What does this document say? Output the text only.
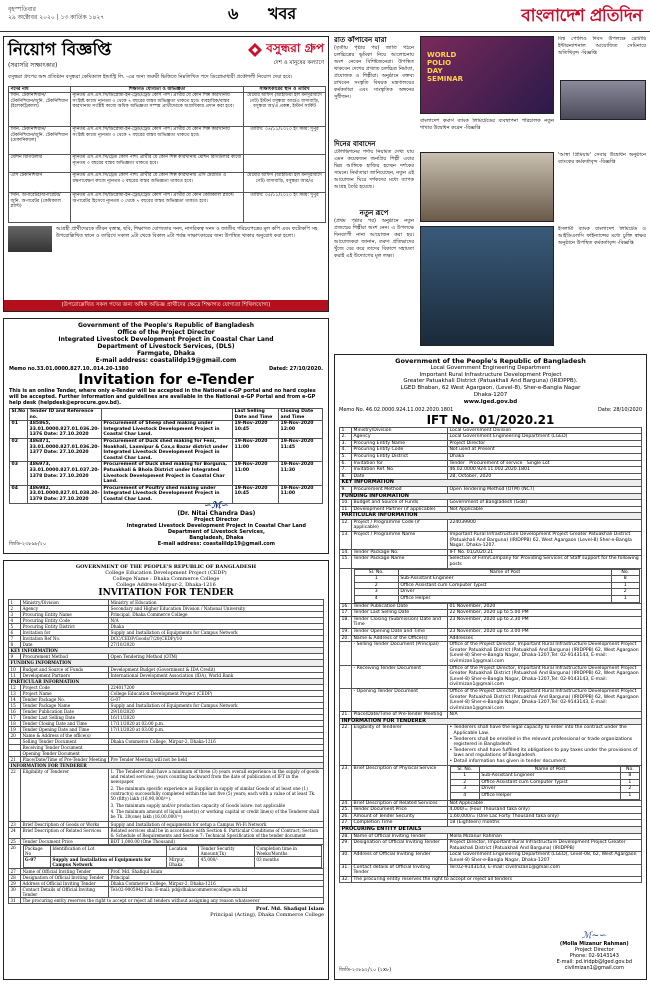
বৃহস্পতিবার
২৯ অক্টোবর ২০২০ | ১৩ কার্তিক ১৪২৭	৬ খবর	বাংলাদেশ প্রতিদিন
নিয়োগ বিজ্ঞপ্তি
(সরাসরি সাক্ষাৎকার)
বসুন্ধরা গ্রুপ
দেশ ও মানুষের কল্যাণে
বসুন্ধরা গ্রুপের অঙ্গ প্রতিষ্ঠান বসুন্ধরা কেমিক্যাল ইন্ডাস্ট্রি লি. -এর জন্য জরুরী ভিত্তিতে নিম্নলিখিত পদে ডিপ্লোমাধারী প্রকৌশলী নিয়োগ দেয়া হবে।
পদের নাম	শিক্ষাগত যোগ্যতা ও অভিজ্ঞতা	সাক্ষাৎকারের স্থান ও তারিখ
সিনি. টেকনিশিয়ান/টেকনিশিয়ান/জুনি. টেকনিশিয়ান (ইলেকট্রিক্যাল)	ন্যূনতম এস.এস.সি/ডিপ্লোমা-ইন-ট্রেড/ট্রেড কোর্স পাশ। প্রার্থীর যে কোন শিল্প কারখানায় সংশ্লিষ্ট কাজে ন্যূনতম ৩ থেকে ৭ বছরের বাস্তব অভিজ্ঞতা থাকতে হবে। ব্যবহারিক/বাস্তব কারখানায় সংশ্লিষ্ট কাজে অধিক অভিজ্ঞতা সম্পন্ন প্রার্থীদেরকে অগ্রাধিকার প্রদান করা হবে।	মেমোর অফিস (আইডিয়া হল মনসূরাবাদে গেট) ইস্টার্ন বসুন্ধরা আর/এ বাসাবাড়ি, বসুন্ধরা আ/এ প্রকল্প, ইস্টার্ন সার্কিট
সিনি. টেকনিশিয়ান/টেকনিশিয়ান/জুনি. টেকনিশিয়ান (মেকানিক্যাল)	ন্যূনতম এস.এস.সি/ডিপ্লোমা-ইন-ট্রেড/ট্রেড কোর্স পাশ। প্রার্থীর যে কোন শিল্প কারখানায় সংশ্লিষ্ট কাজে ন্যূনতম ৩ থেকে ৭ বছরের বাস্তব অভিজ্ঞতা থাকতে হবে।	তারিখ: ০৪/১১/২০২০ ইং সময়: দুপুর
মেশিন রিগিউলার	ন্যূনতম এস.এস.সি/ট্রেড কোর্স পাশ। প্রার্থীর যে কোন শিল্প কারখানায় মেশিন রিগিউলার কাজে ন্যূনতম ৩ বছরের বাস্তব অভিজ্ঞতা থাকতে হবে।	
এসি টেকনিশিয়ান	ন্যূনতম এস.এস.সি/ট্রেড কোর্স পাশ। প্রার্থীর যে কোন শিল্প কারখানায় এসি মেরামত ও রক্ষণাবেক্ষণ কাজে ন্যূনতম ৩ বছরের বাস্তব অভিজ্ঞতা থাকতে হবে।	মেমোর অফিস (আইডিয়া হল মনসূরাবাদে গেট) বাসাবাড়ি, বসুন্ধরা আর/এ
সিনি. অপারেটর/অপারেটর/জুনি. অপারেটর (কেমিক্যাল প্ল্যান্ট)	ন্যূনতম এস.এস.সি/ডিপ্লোমা-ইন-ট্রেড/ট্রেড কোর্স পাশ। প্রার্থীর যে কোন কেমিক্যাল প্ল্যান্টে অপারেটর হিসেবে ন্যূনতম ৩ থেকে ৭ বছরের বাস্তব অভিজ্ঞতা থাকতে হবে।	তারিখ: ০৫/১১/২০২০ ইং সময়: দুপুর
আগ্রহী প্রার্থীদেরকে জীবন বৃত্তান্ত, ছবি, শিক্ষাগত যোগ্যতার সনদ, নাগরিকত্ব সনদ ও জাতীয় পরিচয়পত্রের মূল কপি এবং ফটোকপি সহ উপরোল্লিখিত স্থানে ও তারিখে সকাল ৯টা থেকে বিকাল ৪টা পর্যন্ত সাক্ষাৎকারের জন্য উপস্থিত থাকার অনুরোধ করা হলো।
(উপরোল্লেখিত সকল পদের জন্য অধিক অভিজ্ঞ প্রার্থীদের ক্ষেত্রে শিক্ষাগত যোগ্যতা শিথিলযোগ্য)
Government of the People's Republic of Bangladesh
Office of the Project Director
Integrated Livestock Development Project in Coastal Char Land
Department of Livestock Services, (DLS)
Farmgate, Dhaka
E-mail address: coastalildp19@gmail.com
Memo no.33.01.0000.827.10..014.20-1380	Dated: 27/10/2020.
Invitation for e-Tender
This is an online Tender, where only e-Tender will be accepted in the National e-GP portal and no hard copies will be accepted. Further information and guidelines are available in the National e-GP Portal and from e-GP help desk (helpdesk@eprocure.gov.bd).
Sl.No	Tender ID and Reference no.		Last Selling Date and Time	Closing Date and Time
01	485865, 33.01.0000.827.01.036.20-1376 Date: 27.10.2020	Procurement of Sheep shed making under Integrated Livestock Development Project in Coastal Char Land.	19-Nov-2020 10:45	19-Nov-2020 12:00
02	486871, 33.01.0000.827.01.036.20-1377 Date: 27.10.2020	Procurement of Duck shed making for Feni, Noakhali, Laxmipur & Cox,s Bazar district under Integrated Livestock Development Project in Coastal Char Land.	19-Nov-2020 11:00	19-Nov-2020 11:45
03	486973, 33.01.0000.827.01.037.20-1378 Date: 27.10.2020	Procurement of Duck shed making for Borguna, Patuakhali & Bhola District under Integrated Livestock Development Project in Coastal Char Land.	19-Nov-2020 11:00	19-Nov-2020 11:30
04	486982, 33.01.0000.827.01.038.20-1379 Date: 27.10.2020	Procurement of Poultry shed making under Integrated Livestock Development Project in Coastal Char Land.	19-Nov-2020 10:45	19-Nov-2020 11:00
∽ℳ∽
(Dr. Nitai Chandra Das)
Project Director
Integrated Livestock Development Project in Coastal Char Land
Department of Livestock Services,
Bangladesh, Dhaka
E-mail address: coastalildp19@gmail.com
জিডি-২৩৮৯৮/২০
GOVERNMENT OF THE PEOPLE'S REPUBLIC OF BANGLADESH
College Education Development Project (CEDP)
College Name : Dhaka Commerce College
College Address-Mirpur-2, Dhaka-1216
INVITATION FOR TENDER
1	Ministry/Division	Ministry of Education
2	Agency	Secondary and Higher Education Division / National University
3	Procuring Entity Name	Principal, Dhaka Commerce College
4	Procuring Entity Code	N/A
5	Procuring Entity District	Dhaka
6	Invitation for	Supply and Installation of Equipments for Campus Network
7	Invitation Ref No.	DCC/CEDP/Goods/7/20(CEDP)/10
8	Date	27/10/2020
KEY INFORMATION
9	Procurement Method	Open Tendering Method (OTM)
FUNDING INFORMATION
10	Budget and Source of Funds	Development Budget (Government & IDA Credit)
11	Development Partners	International Development Association (IDA), World Bank
PARTICULAR INFORMATION
12	Project Code	224017200
13	Project Name	College Education Development Project (CEDP)
14	Tender Package No.	G-07
15	Tender Package Name	Supply and Installation of Equipments for Campus Network
16	Tender Publication Date	29/10/2020
17	Tender Last Selling Date	16/11/2020
18	Tender Closing Date and Time	17/11/2020 at 02:00 p.m.
19	Tender Opening Date and Time	17/11/2020 at 03:00 p.m.
20	Name & Address of the office(s)	
	Selling Tender Document	Dhaka Commerce College, Mirpur-2, Dhaka-1216
	Receiving Tender Document	
	Opening Tender Document	
21	Place/Date/Time of Pre-Tender Meeting	Pre Tender Meeting will not be held
INFORMATION FOR TENDERER
22	Eligibility of Tenderer	1. The Tenderer shall have a minimum of three (3) years overall experience in the supply of goods and related services; years counting backward from the date of publication of IFT in the newspaper.
2. The minimum specific experience as Supplier in supply of similar Goods of at least one (1) contract(s) successfully completed within the last five (5) years; each with a value of at least Tk. 50 (fifty) lakh (16,90,000/=).
3. The minimum supply and/or production capacity of Goods is/are: not applicable
4. The minimum amount of liquid asset(s) or working capital or credit line(s) of the Tenderer shall be Tk. 20(one) lakh (16,00,000/=)

23	Brief Description of Goods or Works	Supply and Installation of equipments for setup a Campus Wi-Fi Network
24	Brief Description of Related Services	Related services shall be in accordance with Section 6. Particular Conditions of Contract, Section 6: Schedule of Requirements and Section 7: Technical Specification of the tender document
25	Tender Document Price	BDT 1,000.00 (One Thousand)
26	Package No	Identification of Lot	Location	Tender Security Amount(Tk)	Completion time in Weeks/Months
G-07	Supply and Installation of Equipments for Campus Network	Mirpur, Dhaka	45,000/-	03 months

27	Name of Official Inviting Tender	Prof. Md. Shafiqul Islam
28	Designation of Official Inviting Tender	Principal
29	Address of Official Inviting Tender	Dhaka Commerce College, Mirpur-2, Dhaka-1216
30	Contact Details of Official Inviting Tender	Tel:02-9005942 Fax: E-mail: pd@dhakacommercecollege.edu.bd
31	The procuring entity reserves the right to accept or reject all tenders without assigning any reason whatsoever
Prof. Md. Shafiqul Islam
Principal (Acting), Dhaka Commerce College
রাত কাঁপাবেন যারা
(তৃতীয় পৃষ্ঠার পর) জাতি গঠনে চলচ্চিত্রের ভূমিকা নিয়ে আলোচনায় অংশ নেবেন বিশিষ্টজনেরা। উপস্থিত থাকবেন দেশের প্রখ্যাত চলচ্চিত্র নির্মাতা, প্রযোজক ও শিল্পীরা। অনুষ্ঠানে বক্তব্য রাখবেন সংস্কৃতি বিষয়ক মন্ত্রণালয়ের কর্মকর্তারা এবং সাংস্কৃতিক অঙ্গনের সুধীজন।
দিনের বাবাদেন
টেলিভিশনের পর্দায় নিয়মিত দেখা যায় এমন কয়েকজন জনপ্রিয় শিল্পী এবার ভিন্ন আঙ্গিকে হাজির হচ্ছেন দর্শকের সামনে। নির্মাতারা জানিয়েছেন, নতুন এই আয়োজন ঘিরে দর্শকদের মধ্যে ব্যাপক আগ্রহ তৈরি হয়েছে।
নতুন রূপে
(প্রথম পৃষ্ঠার পর) অনুষ্ঠানে নতুন প্রজন্মের শিল্পীরা অংশ নেন। এ উপলক্ষে দিনব্যাপী নানা আয়োজন করা হয়। আয়োজকরা জানান, তরুণ প্রতিভাদের খুঁজে বের করে তাদের বিকাশে সহায়তা করাই এই উদ্যোগের মূল লক্ষ্য।
WORLD POLIO DAY SEMINAR
বিশ্ব পোলিও দিবস উপলক্ষে রোটারি ইন্টারন্যাশনাল আয়োজিত সেমিনারে অতিথিবৃন্দ -বিজ্ঞপ্তি
বাংলাদেশ কমার্স ব্যাংক লিমিটেডের ব্যবস্থাপনা পরিচালক নতুন শাখার উদ্বোধন করেন -বিজ্ঞপ্তি
'আস্থা প্রিমিয়াম' সেবার উদ্বোধন অনুষ্ঠানে ব্যাংকের কর্মকর্তাবৃন্দ -বিজ্ঞপ্তি
ইসলামী ব্যাংক বাংলাদেশ লিমিটেড ও আইডিএলসি ফাইন্যান্সের মধ্যে চুক্তি স্বাক্ষর অনুষ্ঠানে উপস্থিত কর্মকর্তাবৃন্দ -বিজ্ঞপ্তি
Government of the People's Republic of Bangladesh
Local Government Engineering Department
Important Rural Infrastructure Development Project
Greater Patuakhali District (Patuakhali And Barguna) (IRIDPPB).
LGED Bhaban, 62 West Agargaon, (Level-8), Sher-e-Bangla Nagar
Dhaka-1207
www.lged.gov.bd
Memo No. 46.02.0000.924.11.002.2020.1801	Date: 28/10/2020
IFT No. 01/2020.21
1.	Ministry/Division	Local Government Division
2.	Agency	Local Government Engineering Department (LGED)
3.	Procuring Entity Name	Project Director
4.	Procuring Entity Code	Not used at Present
5.	Procuring Entity District	Dhaka
6.	Invitation for	Tender Procurement of service Single Lot
7.	Invitation Ref. No.	46.02.0000.924.11.002.2020.1801
8.	Date	28, October, 2020
KEY INFORMATION
9.	Procurement Method	Open Tendering Method (OTM) (NCT)
FUNDING INFORMATION
10.	Budget and Source of Funds	Government of Bangladesh (GoB)
11.	Development Partner (if applicable)	Not Applicable
PARTICULAR INFORMATION
12.	Project / Programme Code (if applicable)	224039900
13.	Project / Programme Name	Important Rural Infrastructure Development Project Greater Patuakhali District (Patuakhali And Barguna) (IRIDPPB) 62, West Agargaon (Level-8) Sher-e-Bangla Nagar, Dhaka-1207.
14.	Tender Package No.	IFT No. 01/2020.21
15.	Tender Package Name	Selection of Firm/Company for Providing Services of Staff support for the following posts

Sl. No.	Name of Post	No.
1	Sub-Assistant Engineer	8
2	Office Assistant cum Computer Typist	1
3	Driver	2
4	Office Helper	1

16.	Tender Publication Date	01 November, 2020
17.	Tender Last Selling Date	22 November, 2020 up to 5.00 PM
18.	Tender Closing (Submission) Date and Time	23 November, 2020 up to 2.30 PM
19.	Tender Opening Date and Time	23 November, 2020 up to 3.00 PM
20.	Name & Address of the Office(s)	Addresses
	- Selling Tender Document (Principal)	Office of the Project Director, Important Rural Infrastructure Development Project Greater Patuakhali District (Patuakhali And Barguna) (IRIDPPB) 62, West Agargaon (Level-8) Sher-e-Bangla Nagar, Dhaka-1207,Tel: 02-9143143, E-mail: civilmizan1@gmail.com
	- Receiving Tender Document	Office of the Project Director, Important Rural Infrastructure Development Project Greater Patuakhali District (Patuakhali And Barguna) (IRIDPPB) 62, West Agargaon (Level-8) Sher-e-Bangla Nagar, Dhaka-1207,Tel: 02-9143143, E-mail: civilmizan1@gmail.com
	- Opening Tender Document	Office of the Project Director, Important Rural Infrastructure Development Project Greater Patuakhali District (Patuakhali And Barguna) (IRIDPPB) 62, West Agargaon (Level-8) Sher-e-Bangla Nagar, Dhaka-1207,Tel: 02-9143143, E-mail: civilmizan1@gmail.com
21.	Place/Date/Time of Pre-Tender Meeting	N/A
INFORMATION FOR TENDERER
22.	Eligibility of Tenderer	• Tenderers shall have the legal capacity to enter into the contract under the Applicable Law.
• Tenderers shall be enrolled in the relevant professional or trade organizations registered in Bangladesh.
• Tenderers shall have fulfilled its obligations to pay taxes under the provisions of laws and regulations of Bangladesh.
• Detail information has given in tender document.

23.	Brief Description of Physical Service		Sl. No.	Name of Post	No.
1	Sub-Assistant Engineer	8
2	Office Assistant cum Computer Typist	1
3	Driver	2
4	Office Helper	1

24.	Brief Description of Related Services	Not Applicable
25.	Tender Document Price	4,000/= (Four Thousand taka only)
26.	Amount of Tender Security	1,60,000/= (One Lac Forty Thousand taka only)
27.	Completion Time	18 (Eighteen) months
PROCURING ENTITY DETAILS
28.	Name of Official Inviting Tender	Molla Mizanur Rahman
29.	Designation of Official Inviting Tender	Project Director, Important Rural Infrastructure Development Project Greater Patuakhali District (Patuakhali And Barguna) (IRIDPPB)
30.	Address of Official Inviting Tender	Local Government Engineering Department (LGED), Level-08, 62, West Agargaon (Level-8) Sher-e-Bangla Nagar, Dhaka-1207
31.	Contact details of Official Inviting Tender	Tel:02-9143143, E-mail: civilmizan1@gmail.com
32.	The procuring entity reserves the right to accept or reject all tenders
ℳ~∽
(Molla Mizanur Rahman)
Project Director
Phone: 02-9143143
E-mail: pd.iridpb@lged.gov.bd
civilmizan1@gmail.com
জিডি-২৩৮৯২/২০ (২x৮)
